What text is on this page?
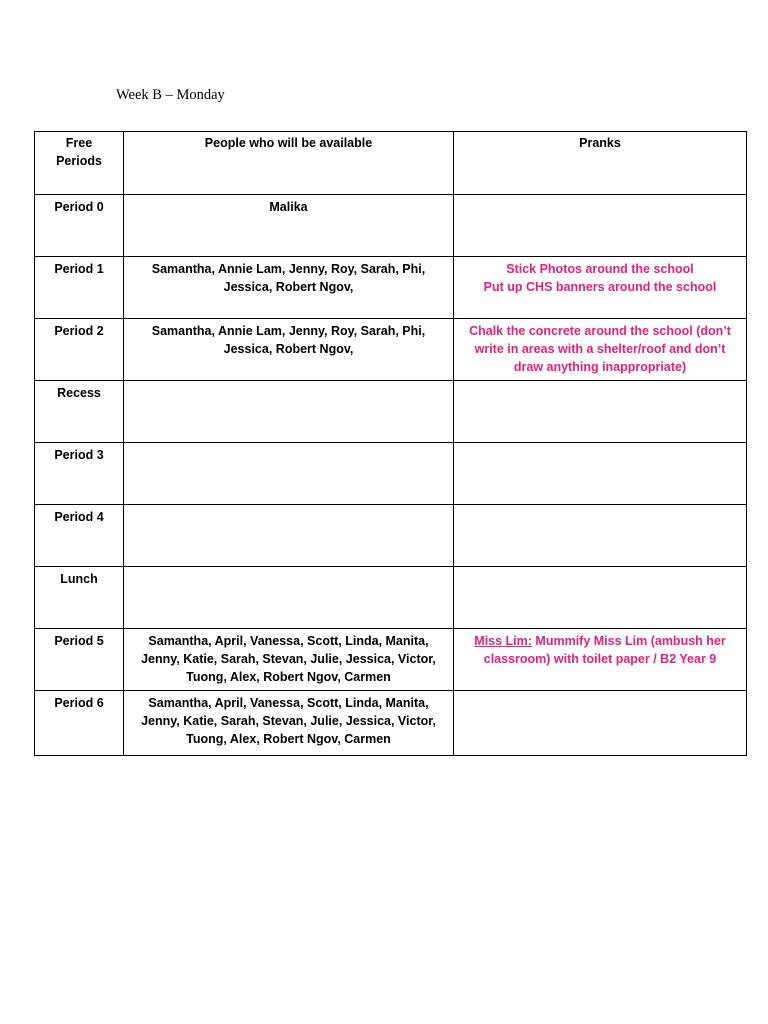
Week B – Monday
Free
Periods	People who will be available	Pranks
Period 0	Malika	

Period 1	Samantha, Annie Lam, Jenny, Roy, Sarah, Phi,
Jessica, Robert Ngov,	Stick Photos around the school
Put up CHS banners around the school

Period 2	Samantha, Annie Lam, Jenny, Roy, Sarah, Phi,
Jessica, Robert Ngov,	Chalk the concrete around the school (don’t
write in areas with a shelter/roof and don’t
draw anything inappropriate)

Recess		
Period 3		
Period 4		
Lunch		
Period 5	Samantha, April, Vanessa, Scott, Linda, Manita,
Jenny, Katie, Sarah, Stevan, Julie, Jessica, Victor,
Tuong, Alex, Robert Ngov, Carmen	Miss Lim: Mummify Miss Lim (ambush her
classroom) with toilet paper / B2 Year 9

Period 6	Samantha, April, Vanessa, Scott, Linda, Manita,
Jenny, Katie, Sarah, Stevan, Julie, Jessica, Victor,
Tuong, Alex, Robert Ngov, Carmen	
